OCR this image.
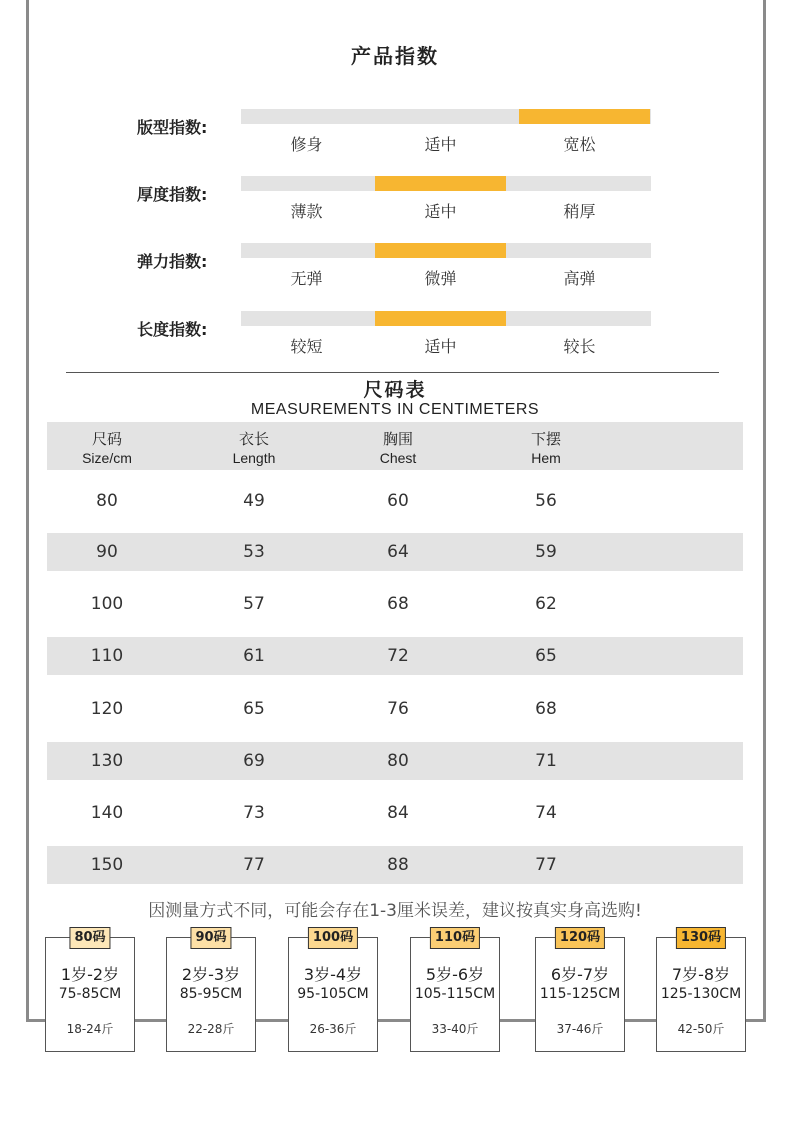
产品指数
版型指数:
修身	适中	宽松
厚度指数:
薄款	适中	稍厚
弹力指数:
无弹	微弹	高弹
长度指数:
较短	适中	较长
尺码表
MEASUREMENTS IN CENTIMETERS
尺码
Size/cm
衣长
Length
胸围
Chest
下摆
Hem
80	49	60	56
90	53	64	59
100	57	68	62
110	61	72	65
120	65	76	68
130	69	80	71
140	73	84	74
150	77	88	77
因测量方式不同，可能会存在1-3厘米误差，建议按真实身高选购!
80码
1岁-2岁
75-85CM
18-24斤
90码
2岁-3岁
85-95CM
22-28斤
100码
3岁-4岁
95-105CM
26-36斤
110码
5岁-6岁
105-115CM
33-40斤
120码
6岁-7岁
115-125CM
37-46斤
130码
7岁-8岁
125-130CM
42-50斤
